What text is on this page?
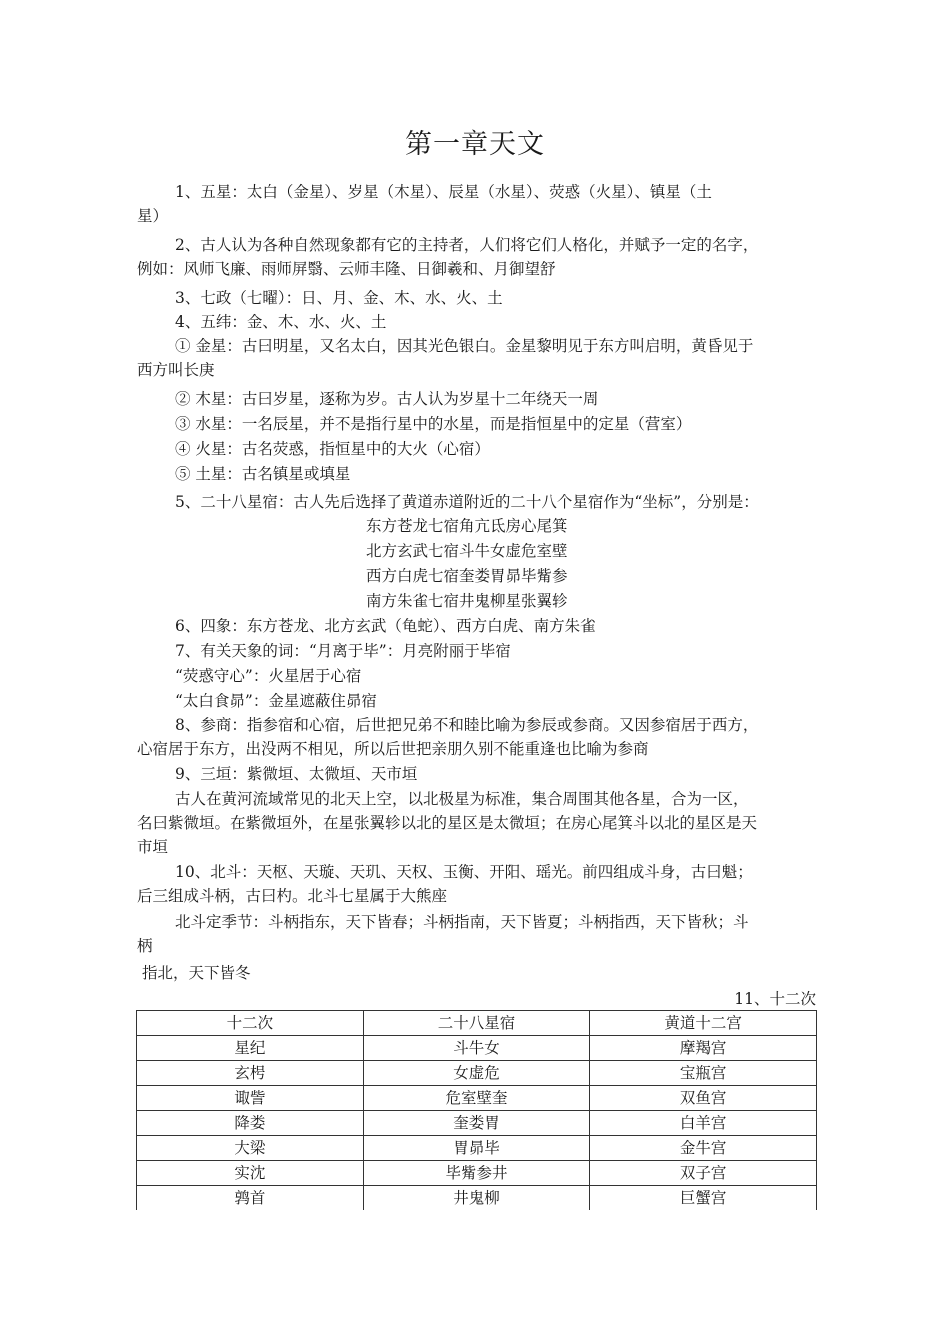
第一章天文
1、五星：太白（金星）、岁星（木星）、辰星（水星）、荧惑（火星）、镇星（土
星）
2、古人认为各种自然现象都有它的主持者，人们将它们人格化，并赋予一定的名字，
例如：风师飞廉、雨师屏翳、云师丰隆、日御羲和、月御望舒
3、七政（七曜）：日、月、金、木、水、火、土
4、五纬：金、木、水、火、土
① 金星：古曰明星，又名太白，因其光色银白。金星黎明见于东方叫启明，黄昏见于
西方叫长庚
② 木星：古曰岁星，逐称为岁。古人认为岁星十二年绕天一周
③ 水星：一名辰星，并不是指行星中的水星，而是指恒星中的定星（营室）
④ 火星：古名荧惑，指恒星中的大火（心宿）
⑤ 土星：古名镇星或填星
5、二十八星宿：古人先后选择了黄道赤道附近的二十八个星宿作为“坐标”，分别是：
东方苍龙七宿角亢氐房心尾箕
北方玄武七宿斗牛女虚危室壁
西方白虎七宿奎娄胃昴毕觜参
南方朱雀七宿井鬼柳星张翼轸
6、四象：东方苍龙、北方玄武（龟蛇）、西方白虎、南方朱雀
7、有关天象的词：“月离于毕”：月亮附丽于毕宿
“荧惑守心”：火星居于心宿
“太白食昴”：金星遮蔽住昴宿
8、参商：指参宿和心宿，后世把兄弟不和睦比喻为参辰或参商。又因参宿居于西方，
心宿居于东方，出没两不相见，所以后世把亲朋久别不能重逢也比喻为参商
9、三垣：紫微垣、太微垣、天市垣
古人在黄河流域常见的北天上空，以北极星为标准，集合周围其他各星，合为一区，
名曰紫微垣。在紫微垣外，在星张翼轸以北的星区是太微垣；在房心尾箕斗以北的星区是天
市垣
10、北斗：天枢、天璇、天玑、天权、玉衡、开阳、瑶光。前四组成斗身，古曰魁；
后三组成斗柄，古曰杓。北斗七星属于大熊座
北斗定季节：斗柄指东，天下皆春；斗柄指南，天下皆夏；斗柄指西，天下皆秋；斗
柄
指北，天下皆冬
11、十二次
十二次	二十八星宿	黄道十二宫
星纪	斗牛女	摩羯宫
玄枵	女虚危	宝瓶宫
诹訾	危室壁奎	双鱼宫
降娄	奎娄胃	白羊宫
大梁	胃昴毕	金牛宫
实沈	毕觜参井	双子宫
鹑首	井鬼柳	巨蟹宫
